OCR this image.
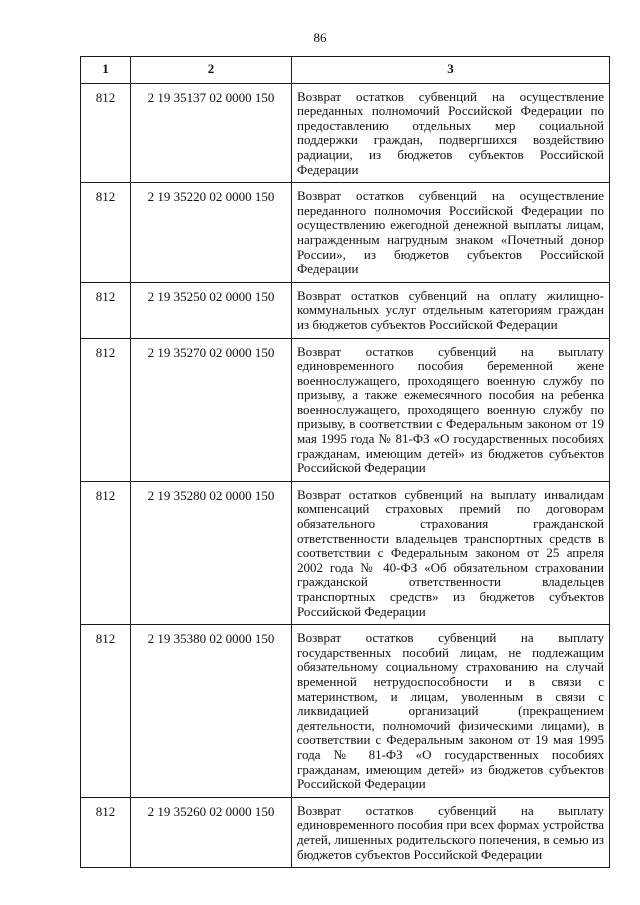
86
1	2	3
812	2 19 35137 02 0000 150	Возврат остатков субвенций на осуществление переданных полномочий Российской Федерации по предоставлению отдельных мер социальной поддержки граждан, подвергшихся воздействию радиации, из бюджетов субъектов Российской Федерации
812	2 19 35220 02 0000 150	Возврат остатков субвенций на осуществление переданного полномочия Российской Федерации по осуществлению ежегодной денежной выплаты лицам, награжденным нагрудным знаком «Почетный донор России», из бюджетов субъектов Российской Федерации
812	2 19 35250 02 0000 150	Возврат остатков субвенций на оплату жилищно-коммунальных услуг отдельным категориям граждан из бюджетов субъектов Российской Федерации
812	2 19 35270 02 0000 150	Возврат остатков субвенций на выплату единовременного пособия беременной жене военнослужащего, проходящего военную службу по призыву, а также ежемесячного пособия на ребенка военнослужащего, проходящего военную службу по призыву, в соответствии с Федеральным законом от 19 мая 1995 года № 81-ФЗ «О государственных пособиях гражданам, имеющим детей» из бюджетов субъектов Российской Федерации
812	2 19 35280 02 0000 150	Возврат остатков субвенций на выплату инвалидам компенсаций страховых премий по договорам обязательного страхования гражданской ответственности владельцев транспортных средств в соответствии с Федеральным законом от 25 апреля 2002 года № 40-ФЗ «Об обязательном страховании гражданской ответственности владельцев транспортных средств» из бюджетов субъектов Российской Федерации
812	2 19 35380 02 0000 150	Возврат остатков субвенций на выплату государственных пособий лицам, не подлежащим обязательному социальному страхованию на случай временной нетрудоспособности и в связи с материнством, и лицам, уволенным в связи с ликвидацией организаций (прекращением деятельности, полномочий физическими лицами), в соответствии с Федеральным законом от 19 мая 1995 года № 81-ФЗ «О государственных пособиях гражданам, имеющим детей» из бюджетов субъектов Российской Федерации
812	2 19 35260 02 0000 150	Возврат остатков субвенций на выплату единовременного пособия при всех формах устройства детей, лишенных родительского попечения, в семью из бюджетов субъектов Российской Федерации
